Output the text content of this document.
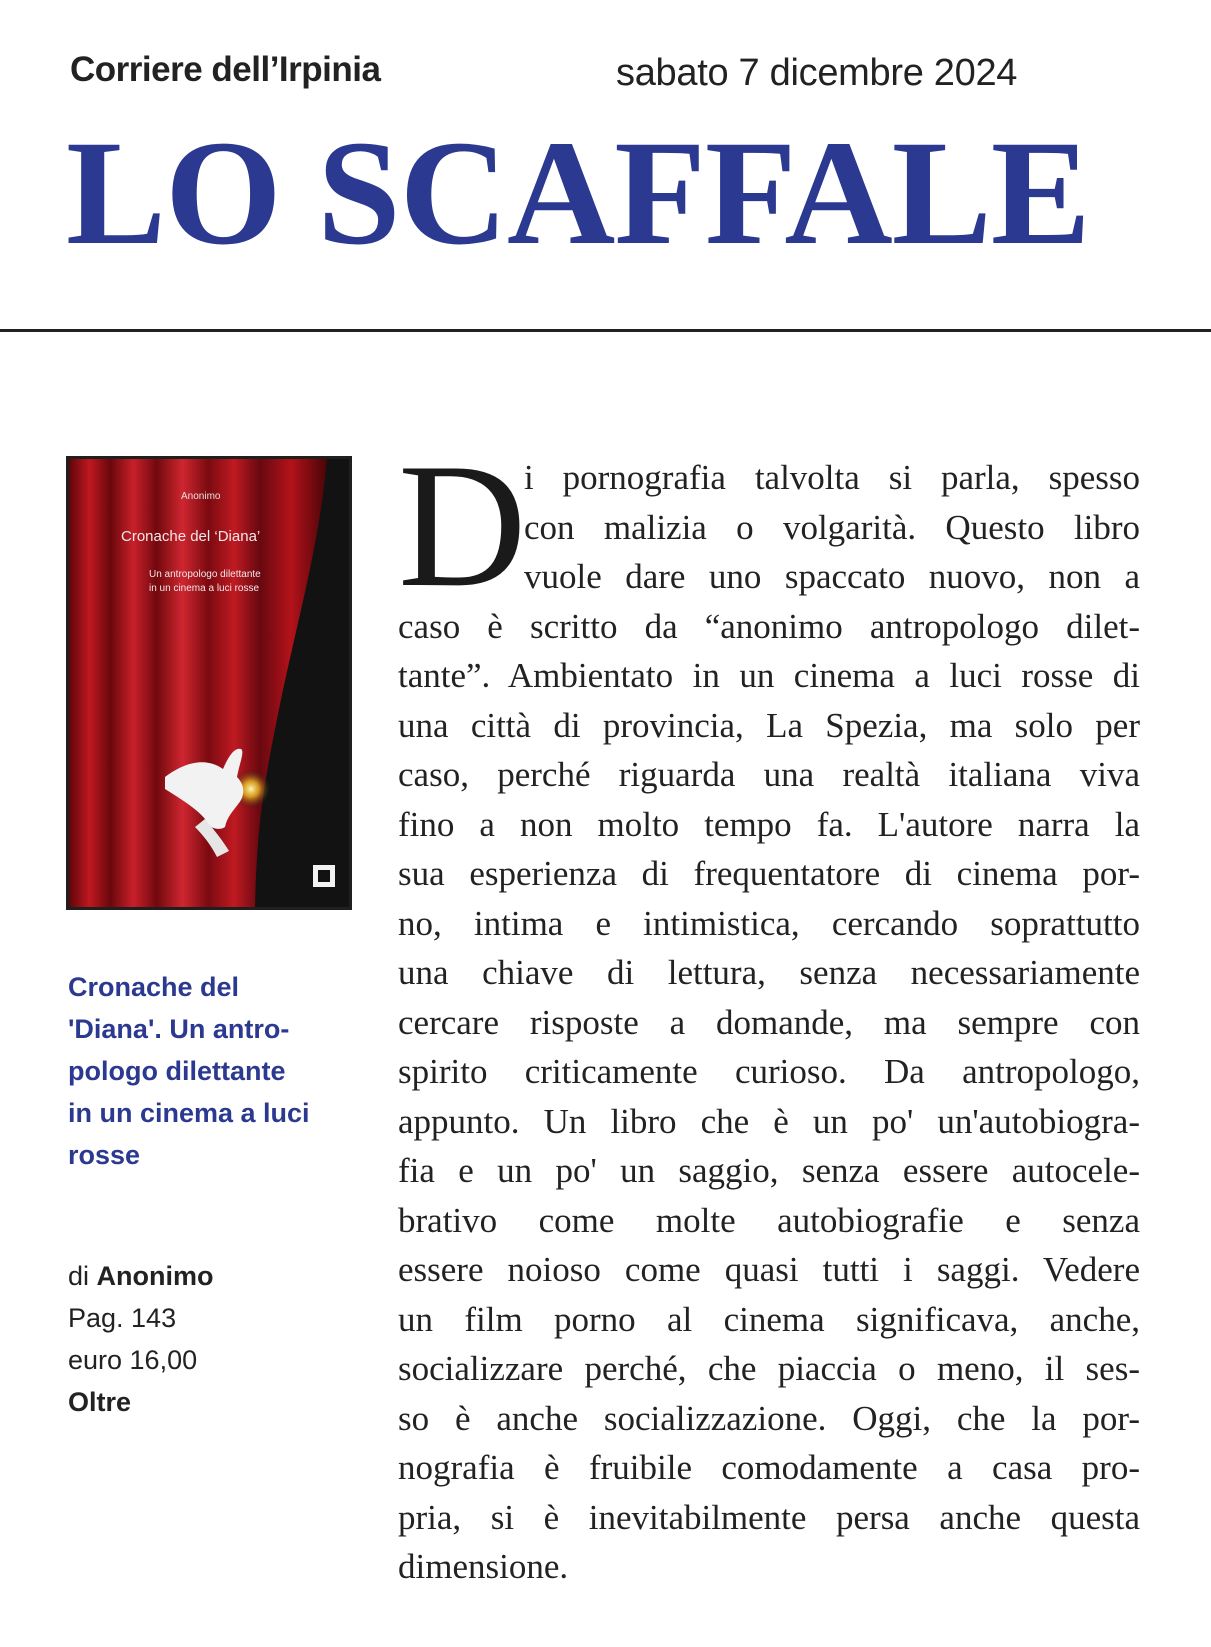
Corriere dell’Irpinia	sabato 7 dicembre 2024
LO SCAFFALE
Anonimo
Cronache del ‘Diana’
Un antropologo dilettante
in un cinema a luci rosse
Cronache del
'Diana'. Un antro-
pologo dilettante
in un cinema a luci
rosse
di Anonimo
Pag. 143
euro 16,00
Oltre
D
i pornografia talvolta si parla, spesso
con malizia o volgarità. Questo libro
vuole dare uno spaccato nuovo, non a
caso è scritto da “anonimo antropologo dilet-
tante”. Ambientato in un cinema a luci rosse di
una città di provincia, La Spezia, ma solo per
caso, perché riguarda una realtà italiana viva
fino a non molto tempo fa. L'autore narra la
sua esperienza di frequentatore di cinema por-
no, intima e intimistica, cercando soprattutto
una chiave di lettura, senza necessariamente
cercare risposte a domande, ma sempre con
spirito criticamente curioso. Da antropologo,
appunto. Un libro che è un po' un'autobiogra-
fia e un po' un saggio, senza essere autocele-
brativo come molte autobiografie e senza
essere noioso come quasi tutti i saggi. Vedere
un film porno al cinema significava, anche,
socializzare perché, che piaccia o meno, il ses-
so è anche socializzazione. Oggi, che la por-
nografia è fruibile comodamente a casa pro-
pria, si è inevitabilmente persa anche questa
dimensione.
